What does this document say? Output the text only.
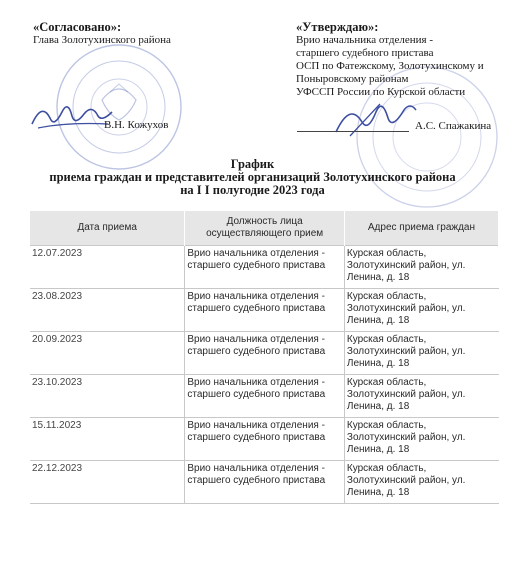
«Согласовано»:
Глава Золотухинского района
«Утверждаю»:
Врио начальника отделения -
старшего судебного пристава
ОСП по Фатежскому, Золотухинскому и
Поныровскому районам
УФССП России по Курской области
В.Н. Кожухов	А.С. Спажакина
График
приема граждан и представителей организаций Золотухинского района
на I I полугодие 2023 года
Дата приема	Должность лица осуществляющего прием	Адрес приема граждан
12.07.2023	Врио начальника отделения - старшего судебного пристава	Курская область, Золотухинский район, ул. Ленина, д. 18
23.08.2023	Врио начальника отделения - старшего судебного пристава	Курская область, Золотухинский район, ул. Ленина, д. 18
20.09.2023	Врио начальника отделения - старшего судебного пристава	Курская область, Золотухинский район, ул. Ленина, д. 18
23.10.2023	Врио начальника отделения - старшего судебного пристава	Курская область, Золотухинский район, ул. Ленина, д. 18
15.11.2023	Врио начальника отделения - старшего судебного пристава	Курская область, Золотухинский район, ул. Ленина, д. 18
22.12.2023	Врио начальника отделения - старшего судебного пристава	Курская область, Золотухинский район, ул. Ленина, д. 18
